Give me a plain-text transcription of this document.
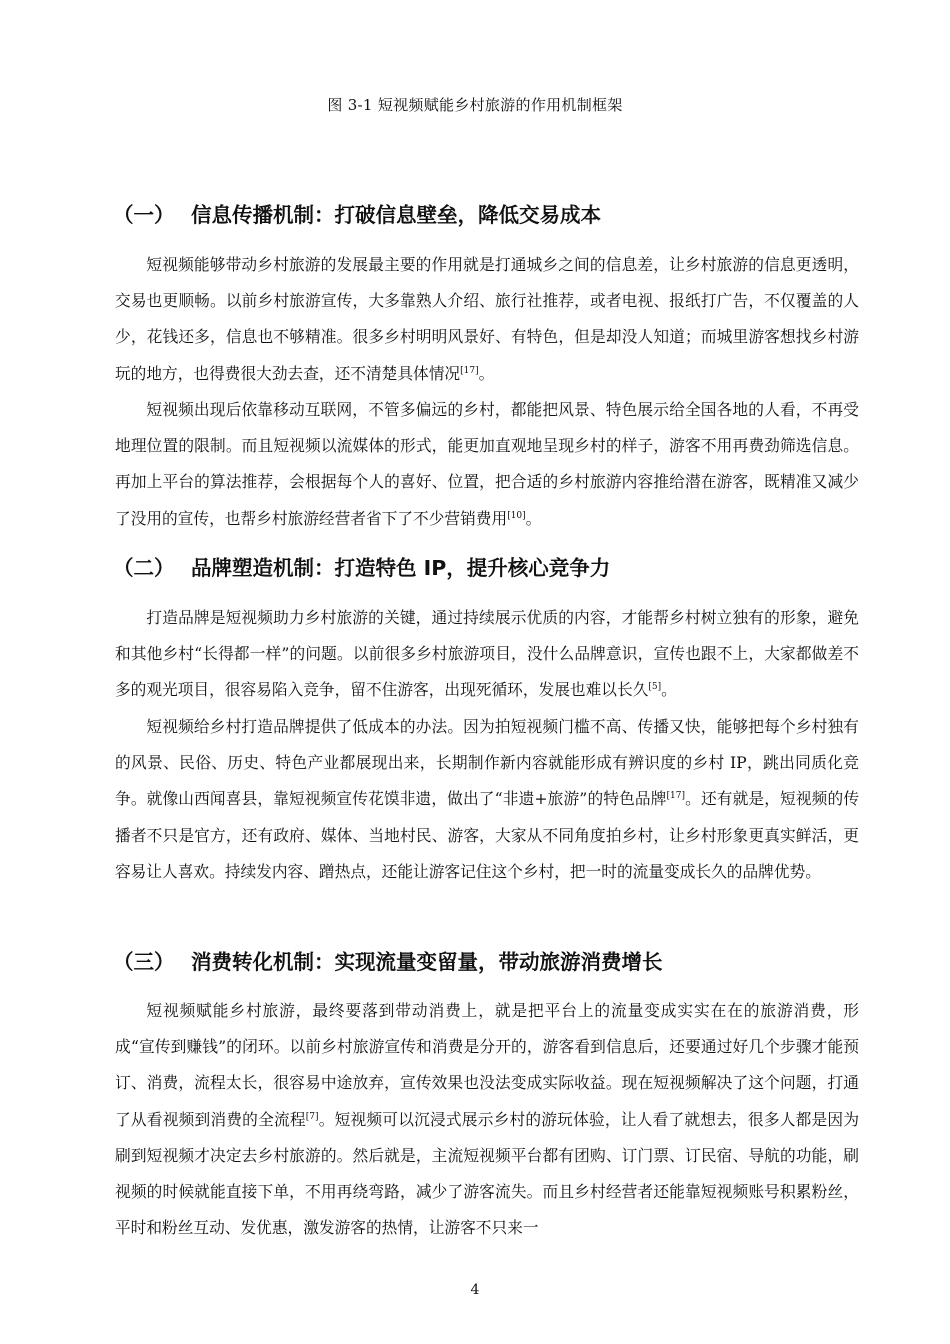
图 3-1 短视频赋能乡村旅游的作用机制框架
（一） 信息传播机制：打破信息壁垒，降低交易成本

短视频能够带动乡村旅游的发展最主要的作用就是打通城乡之间的信息差，让乡村旅游的信息更透明，交易也更顺畅。以前乡村旅游宣传，大多靠熟人介绍、旅行社推荐，或者电视、报纸打广告，不仅覆盖的人少，花钱还多，信息也不够精准。很多乡村明明风景好、有特色，但是却没人知道；而城里游客想找乡村游玩的地方，也得费很大劲去查，还不清楚具体情况[17]。

短视频出现后依靠移动互联网，不管多偏远的乡村，都能把风景、特色展示给全国各地的人看，不再受地理位置的限制。而且短视频以流媒体的形式，能更加直观地呈现乡村的样子，游客不用再费劲筛选信息。再加上平台的算法推荐，会根据每个人的喜好、位置，把合适的乡村旅游内容推给潜在游客，既精准又减少了没用的宣传，也帮乡村旅游经营者省下了不少营销费用[10]。

（二） 品牌塑造机制：打造特色 IP，提升核心竞争力

打造品牌是短视频助力乡村旅游的关键，通过持续展示优质的内容，才能帮乡村树立独有的形象，避免和其他乡村“长得都一样”的问题。以前很多乡村旅游项目，没什么品牌意识，宣传也跟不上，大家都做差不多的观光项目，很容易陷入竞争，留不住游客，出现死循环，发展也难以长久[5]。

短视频给乡村打造品牌提供了低成本的办法。因为拍短视频门槛不高、传播又快，能够把每个乡村独有的风景、民俗、历史、特色产业都展现出来，长期制作新内容就能形成有辨识度的乡村 IP，跳出同质化竞争。就像山西闻喜县，靠短视频宣传花馍非遗，做出了“非遗+旅游”的特色品牌[17]。还有就是，短视频的传播者不只是官方，还有政府、媒体、当地村民、游客，大家从不同角度拍乡村，让乡村形象更真实鲜活，更容易让人喜欢。持续发内容、蹭热点，还能让游客记住这个乡村，把一时的流量变成长久的品牌优势。

（三） 消费转化机制：实现流量变留量，带动旅游消费增长

短视频赋能乡村旅游，最终要落到带动消费上，就是把平台上的流量变成实实在在的旅游消费，形成“宣传到赚钱”的闭环。以前乡村旅游宣传和消费是分开的，游客看到信息后，还要通过好几个步骤才能预订、消费，流程太长，很容易中途放弃，宣传效果也没法变成实际收益。现在短视频解决了这个问题，打通了从看视频到消费的全流程[7]。短视频可以沉浸式展示乡村的游玩体验，让人看了就想去，很多人都是因为刷到短视频才决定去乡村旅游的。然后就是，主流短视频平台都有团购、订门票、订民宿、导航的功能，刷视频的时候就能直接下单，不用再绕弯路，减少了游客流失。而且乡村经营者还能靠短视频账号积累粉丝，平时和粉丝互动、发优惠，激发游客的热情，让游客不只来一

4
